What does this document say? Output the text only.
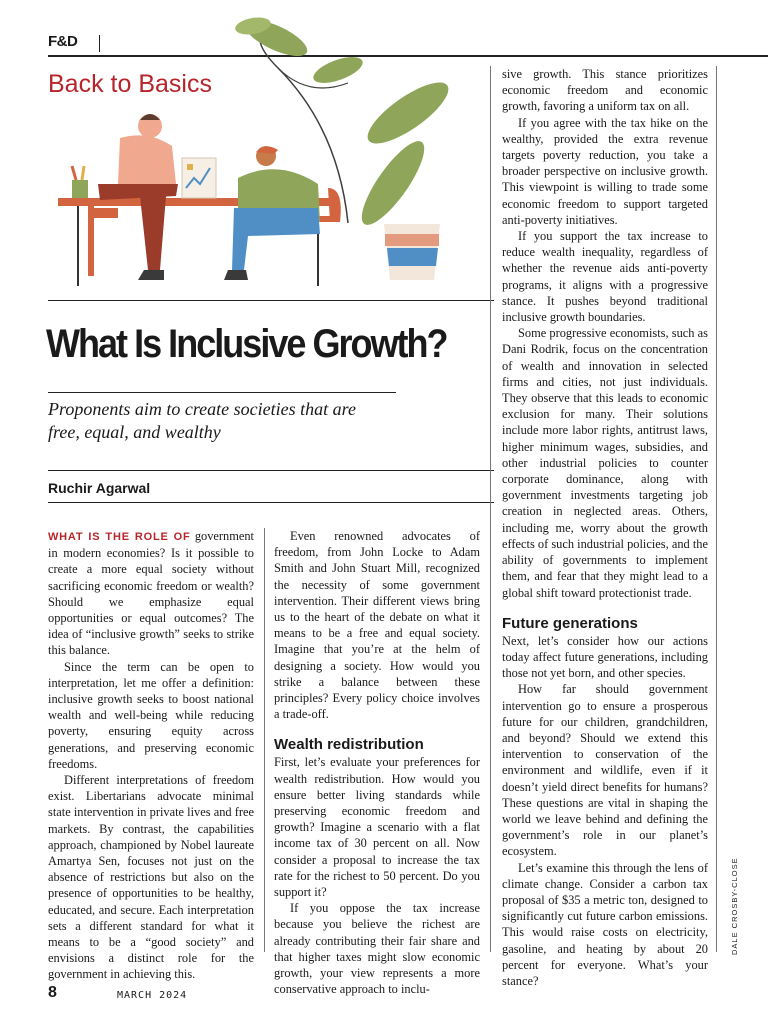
F&D
Back to Basics
What Is Inclusive Growth?
Proponents aim to create societies that are free, equal, and wealthy
Ruchir Agarwal

WHAT IS THE ROLE OF government in modern economies? Is it possible to create a more equal society without sacrificing economic freedom or wealth? Should we emphasize equal opportunities or equal outcomes? The idea of “inclusive growth” seeks to strike this balance.

Since the term can be open to interpretation, let me offer a definition: inclusive growth seeks to boost national wealth and well-being while reducing poverty, ensuring equity across generations, and preserving economic freedoms.

Different interpretations of freedom exist. Libertarians advocate minimal state intervention in private lives and free markets. By contrast, the capabilities approach, championed by Nobel laureate Amartya Sen, focuses not just on the absence of restrictions but also on the presence of opportunities to be healthy, educated, and secure. Each interpretation sets a different standard for what it means to be a “good society” and envisions a distinct role for the government in achieving this.

Even renowned advocates of freedom, from John Locke to Adam Smith and John Stuart Mill, recognized the necessity of some government intervention. Their different views bring us to the heart of the debate on what it means to be a free and equal society. Imagine that you’re at the helm of designing a society. How would you strike a balance between these principles? Every policy choice involves a trade-off.

Wealth redistribution

First, let’s evaluate your preferences for wealth redistribution. How would you ensure better living standards while preserving economic freedom and growth? Imagine a scenario with a flat income tax of 30 percent on all. Now consider a proposal to increase the tax rate for the richest to 50 percent. Do you support it?

If you oppose the tax increase because you believe the richest are already contributing their fair share and that higher taxes might slow economic growth, your view represents a more conservative approach to inclu-

sive growth. This stance prioritizes economic freedom and economic growth, favoring a uniform tax on all.

If you agree with the tax hike on the wealthy, provided the extra revenue targets poverty reduction, you take a broader perspective on inclusive growth. This viewpoint is willing to trade some economic freedom to support targeted anti-poverty initiatives.

If you support the tax increase to reduce wealth inequality, regardless of whether the revenue aids anti-poverty programs, it aligns with a progressive stance. It pushes beyond traditional inclusive growth boundaries.

Some progressive economists, such as Dani Rodrik, focus on the concentration of wealth and innovation in selected firms and cities, not just individuals. They observe that this leads to economic exclusion for many. Their solutions include more labor rights, antitrust laws, higher minimum wages, subsidies, and other industrial policies to counter corporate dominance, along with government investments targeting job creation in neglected areas. Others, including me, worry about the growth effects of such industrial policies, and the ability of governments to implement them, and fear that they might lead to a global shift toward protectionist trade.

Future generations

Next, let’s consider how our actions today affect future generations, including those not yet born, and other species.

How far should government intervention go to ensure a prosperous future for our children, grandchildren, and beyond? Should we extend this intervention to conservation of the environment and wildlife, even if it doesn’t yield direct benefits for humans? These questions are vital in shaping the world we leave behind and defining the government’s role in our planet’s ecosystem.

Let’s examine this through the lens of climate change. Consider a carbon tax proposal of $35 a metric ton, designed to significantly cut future carbon emissions. This would raise costs on electricity, gasoline, and heating by about 20 percent for everyone. What’s your stance?

DALE CROSBY-CLOSE
8	MARCH 2024
